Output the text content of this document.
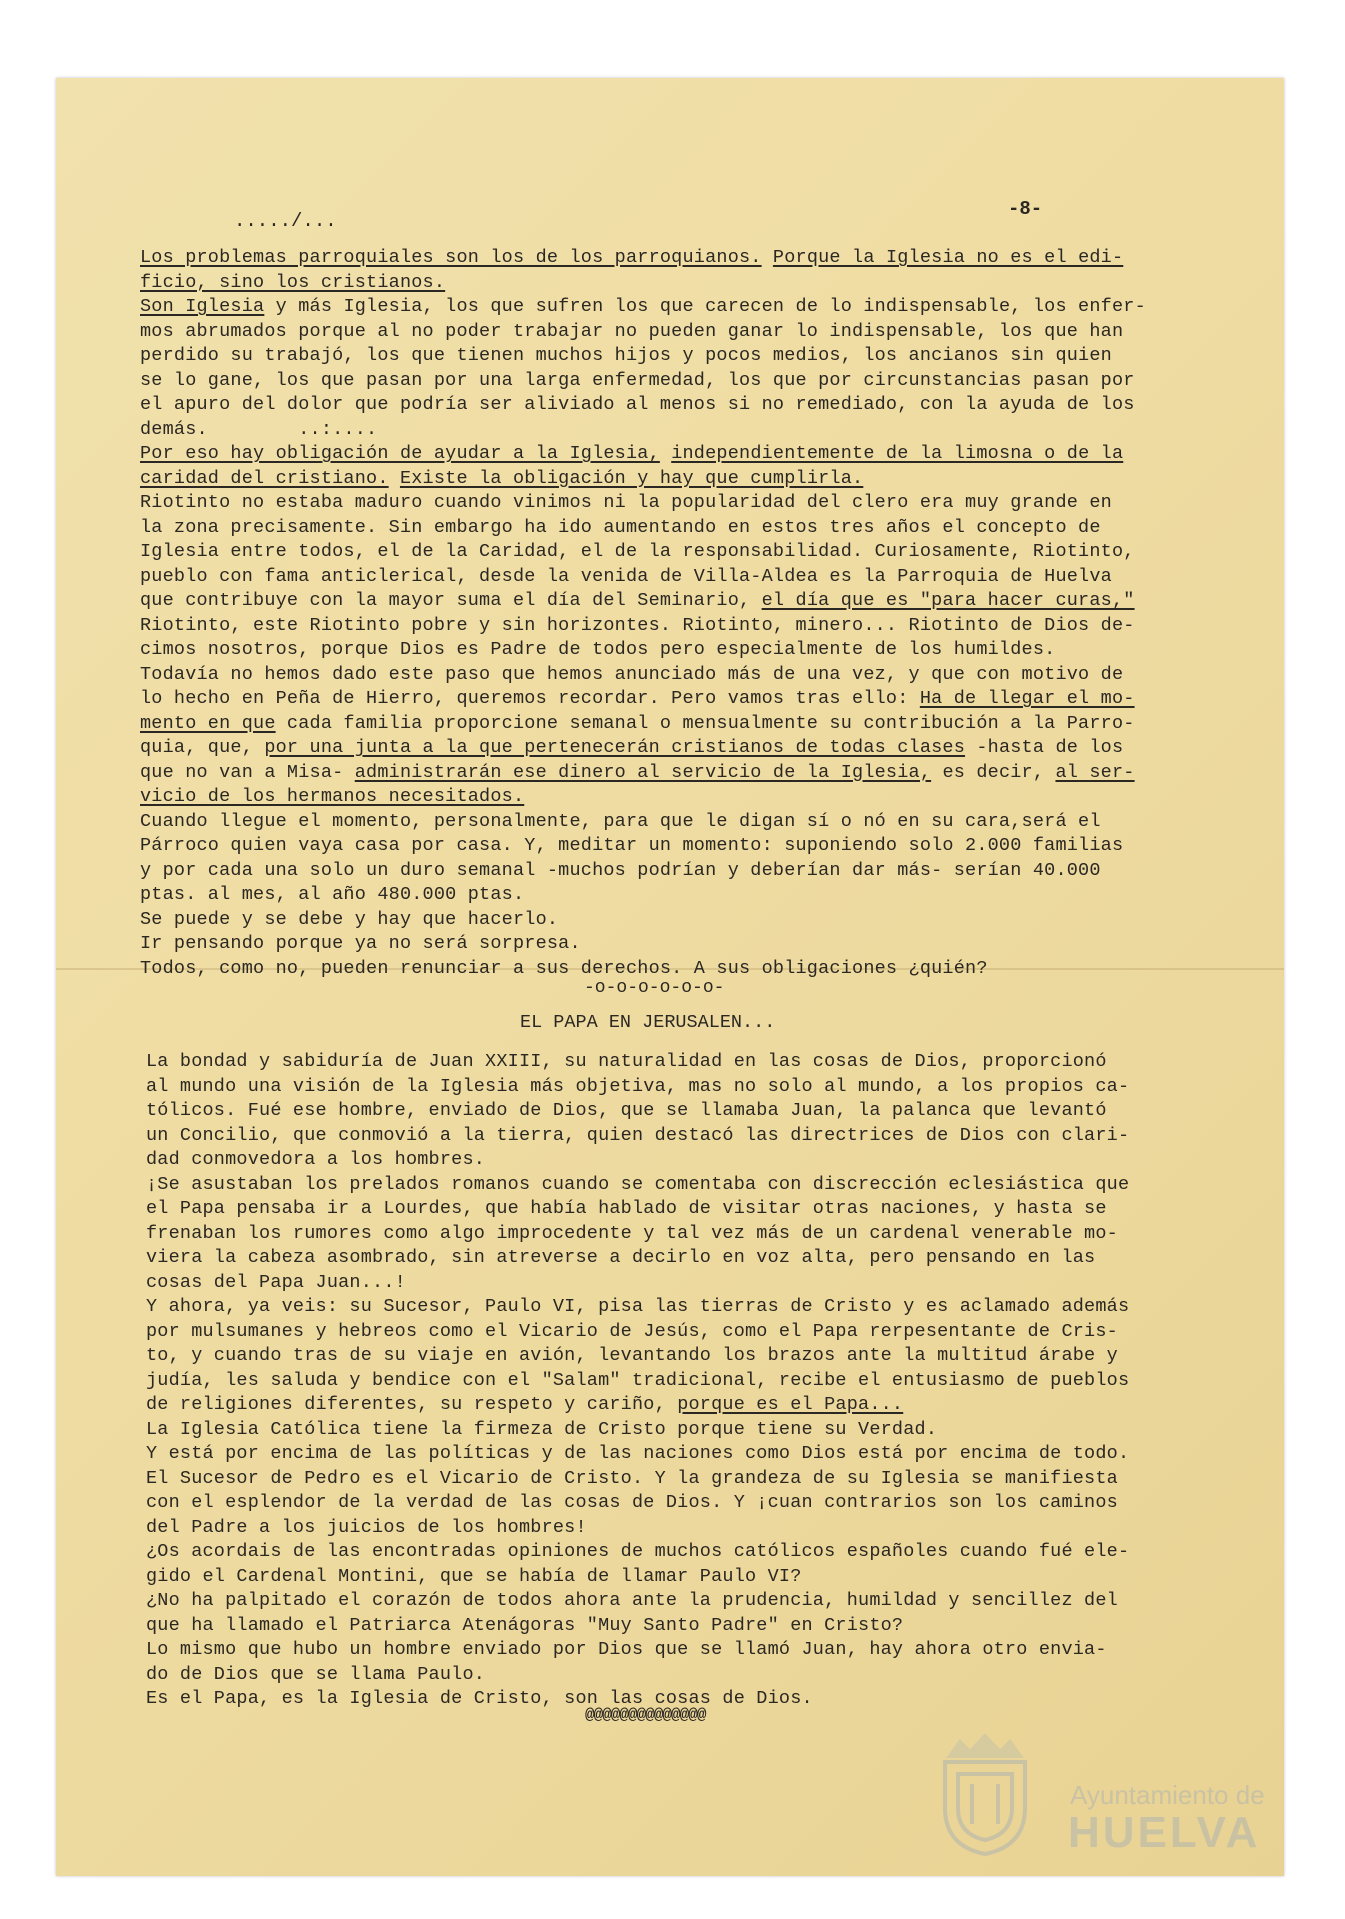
...../...
-8-
Los problemas parroquiales son los de los parroquianos. Porque la Iglesia no es el edi-
ficio, sino los cristianos.
Son Iglesia y más Iglesia, los que sufren los que carecen de lo indispensable, los enfer-
mos abrumados porque al no poder trabajar no pueden ganar lo indispensable, los que han
perdido su trabajó, los que tienen muchos hijos y pocos medios, los ancianos sin quien
se lo gane, los que pasan por una larga enfermedad, los que por circunstancias pasan por
el apuro del dolor que podría ser aliviado al menos si no remediado, con la ayuda de los
demás.        ..:....
Por eso hay obligación de ayudar a la Iglesia, independientemente de la limosna o de la
caridad del cristiano. Existe la obligación y hay que cumplirla.
Riotinto no estaba maduro cuando vinimos ni la popularidad del clero era muy grande en
la zona precisamente. Sin embargo ha ido aumentando en estos tres años el concepto de
Iglesia entre todos, el de la Caridad, el de la responsabilidad. Curiosamente, Riotinto,
pueblo con fama anticlerical, desde la venida de Villa-Aldea es la Parroquia de Huelva
que contribuye con la mayor suma el día del Seminario, el día que es "para hacer curas,"
Riotinto, este Riotinto pobre y sin horizontes. Riotinto, minero... Riotinto de Dios de-
cimos nosotros, porque Dios es Padre de todos pero especialmente de los humildes.
Todavía no hemos dado este paso que hemos anunciado más de una vez, y que con motivo de
lo hecho en Peña de Hierro, queremos recordar. Pero vamos tras ello: Ha de llegar el mo-
mento en que cada familia proporcione semanal o mensualmente su contribución a la Parro-
quia, que, por una junta a la que pertenecerán cristianos de todas clases -hasta de los
que no van a Misa- administrarán ese dinero al servicio de la Iglesia, es decir, al ser-
vicio de los hermanos necesitados.
Cuando llegue el momento, personalmente, para que le digan sí o nó en su cara,será el
Párroco quien vaya casa por casa. Y, meditar un momento: suponiendo solo 2.000 familias
y por cada una solo un duro semanal -muchos podrían y deberían dar más- serían 40.000
ptas. al mes, al año 480.000 ptas.
Se puede y se debe y hay que hacerlo.
Ir pensando porque ya no será sorpresa.
Todos, como no, pueden renunciar a sus derechos. A sus obligaciones ¿quién?
-o-o-o-o-o-o-
EL PAPA EN JERUSALEN...
La bondad y sabiduría de Juan XXIII, su naturalidad en las cosas de Dios, proporcionó
al mundo una visión de la Iglesia más objetiva, mas no solo al mundo, a los propios ca-
tólicos. Fué ese hombre, enviado de Dios, que se llamaba Juan, la palanca que levantó
un Concilio, que conmovió a la tierra, quien destacó las directrices de Dios con clari-
dad conmovedora a los hombres.
¡Se asustaban los prelados romanos cuando se comentaba con discrección eclesiástica que
el Papa pensaba ir a Lourdes, que había hablado de visitar otras naciones, y hasta se
frenaban los rumores como algo improcedente y tal vez más de un cardenal venerable mo-
viera la cabeza asombrado, sin atreverse a decirlo en voz alta, pero pensando en las
cosas del Papa Juan...!
Y ahora, ya veis: su Sucesor, Paulo VI, pisa las tierras de Cristo y es aclamado además
por mulsumanes y hebreos como el Vicario de Jesús, como el Papa rerpesentante de Cris-
to, y cuando tras de su viaje en avión, levantando los brazos ante la multitud árabe y
judía, les saluda y bendice con el "Salam" tradicional, recibe el entusiasmo de pueblos
de religiones diferentes, su respeto y cariño, porque es el Papa...
La Iglesia Católica tiene la firmeza de Cristo porque tiene su Verdad.
Y está por encima de las políticas y de las naciones como Dios está por encima de todo.
El Sucesor de Pedro es el Vicario de Cristo. Y la grandeza de su Iglesia se manifiesta
con el esplendor de la verdad de las cosas de Dios. Y ¡cuan contrarios son los caminos
del Padre a los juicios de los hombres!
¿Os acordais de las encontradas opiniones de muchos católicos españoles cuando fué ele-
gido el Cardenal Montini, que se había de llamar Paulo VI?
¿No ha palpitado el corazón de todos ahora ante la prudencia, humildad y sencillez del
que ha llamado el Patriarca Atenágoras "Muy Santo Padre" en Cristo?
Lo mismo que hubo un hombre enviado por Dios que se llamó Juan, hay ahora otro envia-
do de Dios que se llama Paulo.
Es el Papa, es la Iglesia de Cristo, son las cosas de Dios.
@@@@@@@@@@@@@@
Ayuntamiento de
HUELVA
